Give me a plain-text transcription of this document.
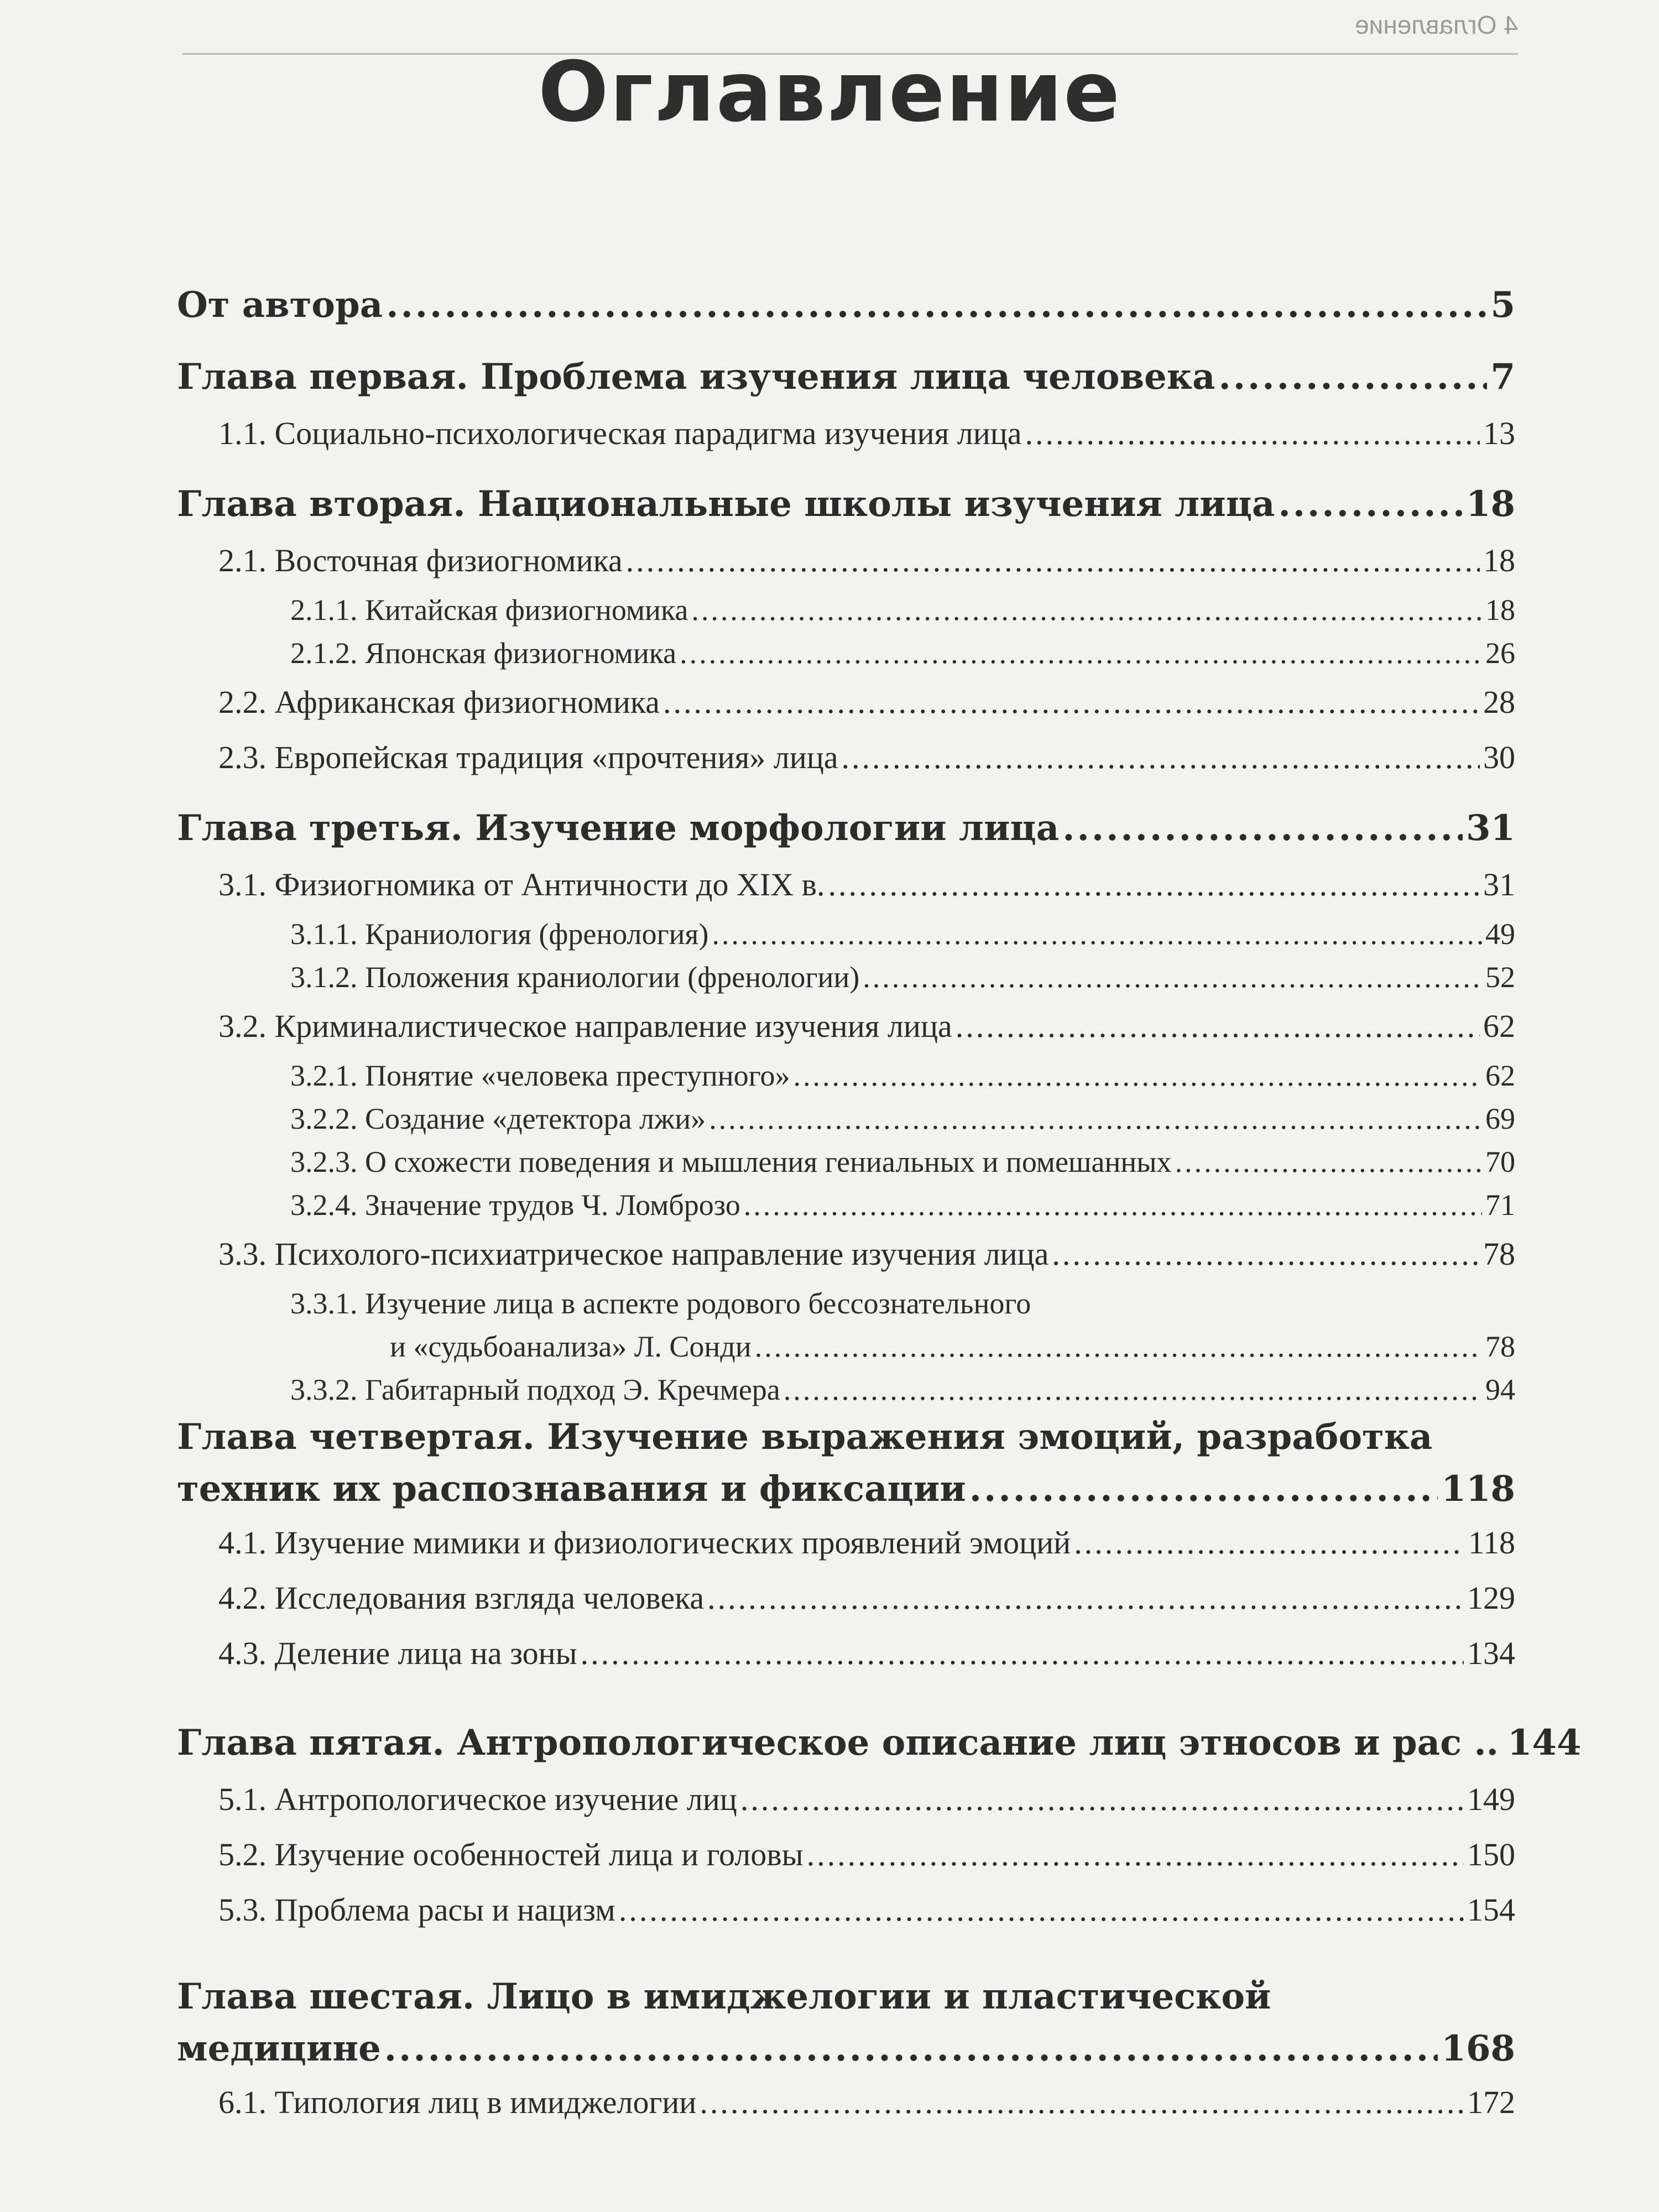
4 Оглавление
Оглавление
От автора .....	5
Глава первая. Проблема изучения лица человека .....	7
1.1. Социально-психологическая парадигма изучения лица .....	13
Глава вторая. Национальные школы изучения лица .....	18
2.1. Восточная физиогномика .....	18
2.1.1. Китайская физиогномика .....	18
2.1.2. Японская физиогномика .....	26
2.2. Африканская физиогномика .....	28
2.3. Европейская традиция «прочтения» лица .....	30
Глава третья. Изучение морфологии лица .....	31
3.1. Физиогномика от Античности до XIX в. .....	31
3.1.1. Краниология (френология) .....	49
3.1.2. Положения краниологии (френологии) .....	52
3.2. Криминалистическое направление изучения лица .....	62
3.2.1. Понятие «человека преступного» .....	62
3.2.2. Создание «детектора лжи» .....	69
3.2.3. О схожести поведения и мышления гениальных и помешанных .....	70
3.2.4. Значение трудов Ч. Ломброзо .....	71
3.3. Психолого-психиатрическое направление изучения лица .....	78
3.3.1. Изучение лица в аспекте родового бессознательного
и «судьбоанализа» Л. Сонди .....	78
3.3.2. Габитарный подход Э. Кречмера .....	94
Глава четвертая. Изучение выражения эмоций, разработка
техник их распознавания и фиксации .....	118
4.1. Изучение мимики и физиологических проявлений эмоций .....	118
4.2. Исследования взгляда человека .....	129
4.3. Деление лица на зоны .....	134
Глава пятая. Антропологическое описание лиц этносов и рас .. 144
5.1. Антропологическое изучение лиц .....	149
5.2. Изучение особенностей лица и головы .....	150
5.3. Проблема расы и нацизм .....	154
Глава шестая. Лицо в имиджелогии и пластической
медицине .....	168
6.1. Типология лиц в имиджелогии .....	172
